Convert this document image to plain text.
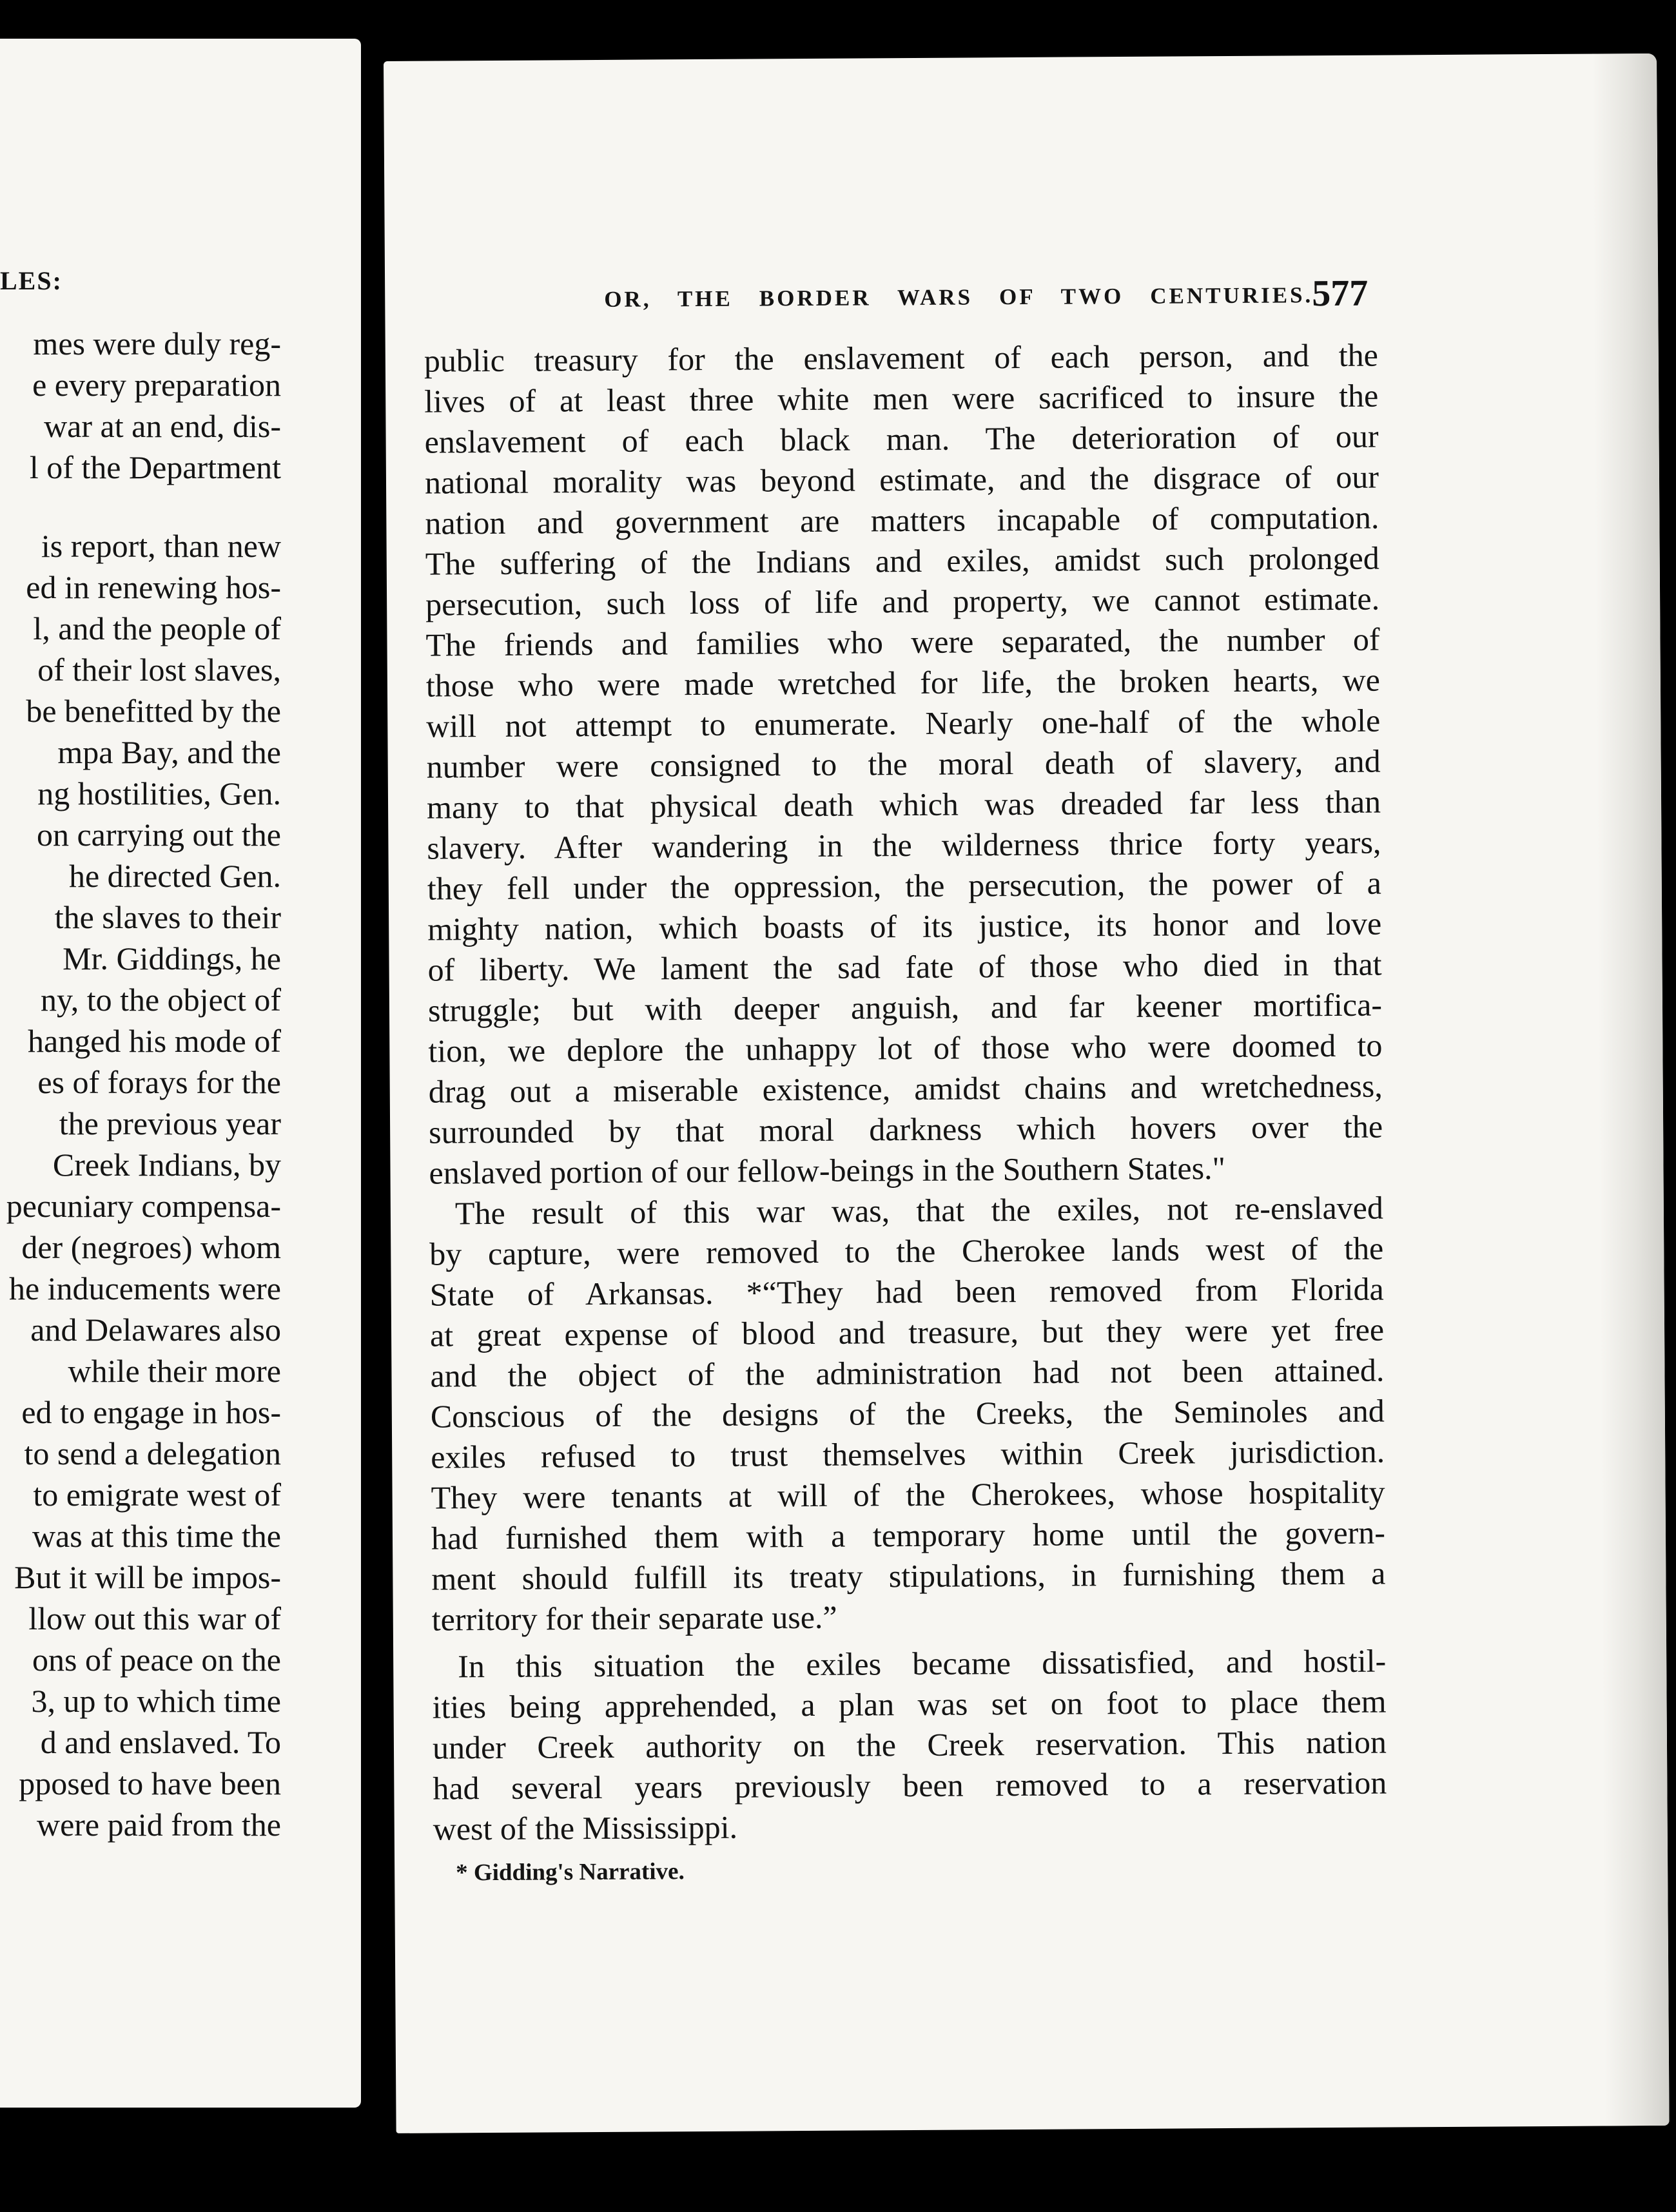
LES:
mes were duly reg-
e every preparation
war at an end, dis-
l of the Department
is report, than new
ed in renewing hos-
l, and the people of
of their lost slaves,
be benefitted by the
mpa Bay, and the
ng hostilities, Gen.
on carrying out the
he directed Gen.
the slaves to their
Mr. Giddings, he
ny, to the object of
hanged his mode of
es of forays for the
the previous year
Creek Indians, by
pecuniary compensa-
der (negroes) whom
he inducements were
and Delawares also
while their more
ed to engage in hos-
to send a delegation
to emigrate west of
was at this time the
But it will be impos-
llow out this war of
ons of peace on the
3, up to which time
d and enslaved. To
pposed to have been
were paid from the
OR, THE BORDER WARS OF TWO CENTURIES.
577
public treasury for the enslavement of each person, and the
lives of at least three white men were sacrificed to insure the
enslavement of each black man. The deterioration of our
national morality was beyond estimate, and the disgrace of our
nation and government are matters incapable of computation.
The suffering of the Indians and exiles, amidst such prolonged
persecution, such loss of life and property, we cannot estimate.
The friends and families who were separated, the number of
those who were made wretched for life, the broken hearts, we
will not attempt to enumerate. Nearly one-half of the whole
number were consigned to the moral death of slavery, and
many to that physical death which was dreaded far less than
slavery. After wandering in the wilderness thrice forty years,
they fell under the oppression, the persecution, the power of a
mighty nation, which boasts of its justice, its honor and love
of liberty. We lament the sad fate of those who died in that
struggle; but with deeper anguish, and far keener mortifica-
tion, we deplore the unhappy lot of those who were doomed to
drag out a miserable existence, amidst chains and wretchedness,
surrounded by that moral darkness which hovers over the
enslaved portion of our fellow-beings in the Southern States."
The result of this war was, that the exiles, not re-enslaved
by capture, were removed to the Cherokee lands west of the
State of Arkansas. *“They had been removed from Florida
at great expense of blood and treasure, but they were yet free
and the object of the administration had not been attained.
Conscious of the designs of the Creeks, the Seminoles and
exiles refused to trust themselves within Creek jurisdiction.
They were tenants at will of the Cherokees, whose hospitality
had furnished them with a temporary home until the govern-
ment should fulfill its treaty stipulations, in furnishing them a
territory for their separate use.”
In this situation the exiles became dissatisfied, and hostil-
ities being apprehended, a plan was set on foot to place them
under Creek authority on the Creek reservation. This nation
had several years previously been removed to a reservation
west of the Mississippi.
* Gidding's Narrative.
